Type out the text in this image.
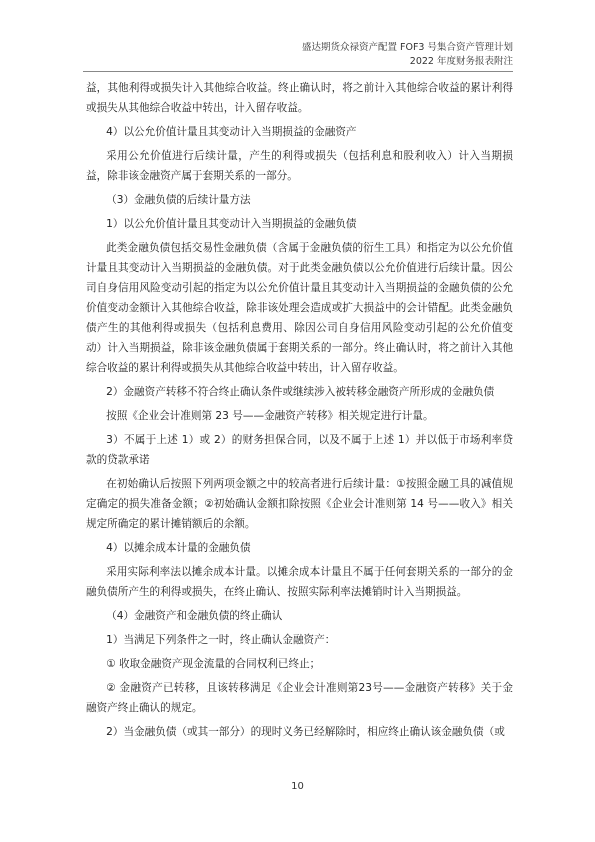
盛达期货众禄资产配置 FOF3 号集合资产管理计划
2022 年度财务报表附注

益，其他利得或损失计入其他综合收益。终止确认时，将之前计入其他综合收益的累计利得或损失从其他综合收益中转出，计入留存收益。

4）以公允价值计量且其变动计入当期损益的金融资产

采用公允价值进行后续计量，产生的利得或损失（包括利息和股利收入）计入当期损益，除非该金融资产属于套期关系的一部分。

（3）金融负债的后续计量方法

1）以公允价值计量且其变动计入当期损益的金融负债

此类金融负债包括交易性金融负债（含属于金融负债的衍生工具）和指定为以公允价值计量且其变动计入当期损益的金融负债。对于此类金融负债以公允价值进行后续计量。因公司自身信用风险变动引起的指定为以公允价值计量且其变动计入当期损益的金融负债的公允价值变动金额计入其他综合收益，除非该处理会造成或扩大损益中的会计错配。此类金融负债产生的其他利得或损失（包括利息费用、除因公司自身信用风险变动引起的公允价值变动）计入当期损益，除非该金融负债属于套期关系的一部分。终止确认时，将之前计入其他综合收益的累计利得或损失从其他综合收益中转出，计入留存收益。

2）金融资产转移不符合终止确认条件或继续涉入被转移金融资产所形成的金融负债

按照《企业会计准则第 23 号——金融资产转移》相关规定进行计量。

3）不属于上述 1）或 2）的财务担保合同，以及不属于上述 1）并以低于市场利率贷款的贷款承诺

在初始确认后按照下列两项金额之中的较高者进行后续计量：①按照金融工具的减值规定确定的损失准备金额；②初始确认金额扣除按照《企业会计准则第 14 号——收入》相关规定所确定的累计摊销额后的余额。

4）以摊余成本计量的金融负债

采用实际利率法以摊余成本计量。以摊余成本计量且不属于任何套期关系的一部分的金融负债所产生的利得或损失，在终止确认、按照实际利率法摊销时计入当期损益。

（4）金融资产和金融负债的终止确认

1）当满足下列条件之一时，终止确认金融资产：

① 收取金融资产现金流量的合同权利已终止；

② 金融资产已转移，且该转移满足《企业会计准则第23号——金融资产转移》关于金融资产终止确认的规定。

2）当金融负债（或其一部分）的现时义务已经解除时，相应终止确认该金融负债（或

10
